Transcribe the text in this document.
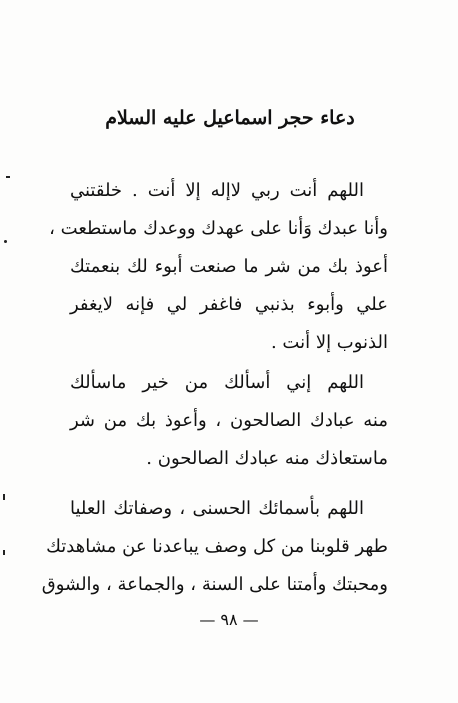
دعاء حجر اسماعيل عليه السلام
اللهم أنت ربي لاإله إلا أنت . خلقتني
وأنا عبدك وَأنا على عهدك ووعدك ماستطعت ،
أعوذ بك من شر ما صنعت أبوء لك بنعمتك
علي وأبوء بذنبي فاغفر لي فإنه لايغفر
الذنوب إلا أنت .
اللهم إني أسألك من خير ماسألك
منه عبادك الصالحون ، وأعوذ بك من شر
ماستعاذك منه عبادك الصالحون .
اللهم بأسمائك الحسنى ، وصفاتك العليا
طهر قلوبنا من كل وصف يباعدنا عن مشاهدتك
ومحبتك وأمتنا على السنة ، والجماعة ، والشوق
— ٩٨ —
